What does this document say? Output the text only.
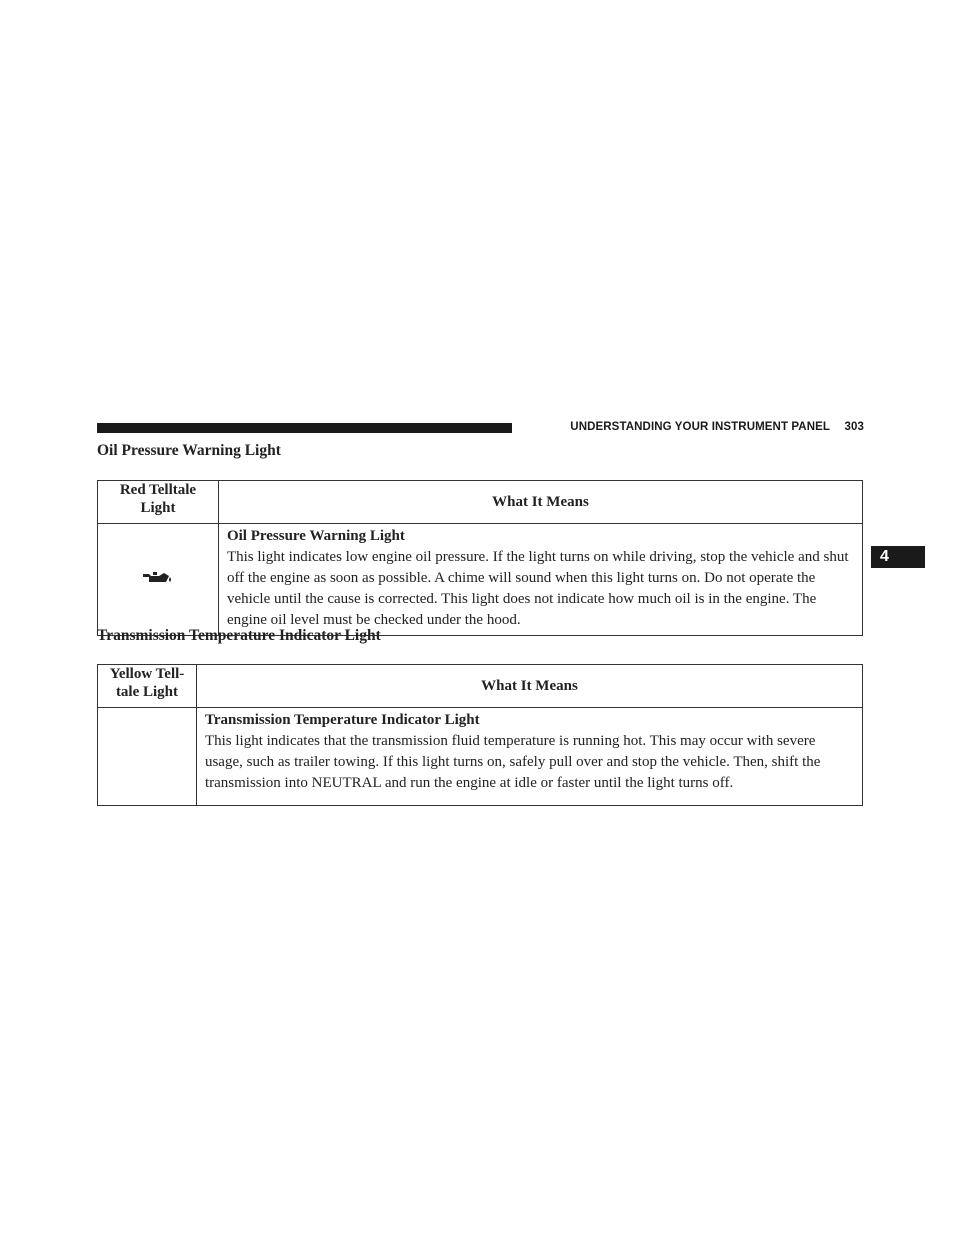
UNDERSTANDING YOUR INSTRUMENT PANEL 303
4
Oil Pressure Warning Light
Red Telltale Light	What It Means

Oil Pressure Warning Light
This light indicates low engine oil pressure. If the light turns on while driving, stop the vehicle and shut off the engine as soon as possible. A chime will sound when this light turns on. Do not operate the vehicle until the cause is corrected. This light does not indicate how much oil is in the engine. The engine oil level must be checked under the hood.
Transmission Temperature Indicator Light
Yellow Tell- tale Light	What It Means

	Transmission Temperature Indicator Light
This light indicates that the transmission fluid temperature is running hot. This may occur with severe usage, such as trailer towing. If this light turns on, safely pull over and stop the vehicle. Then, shift the transmission into NEUTRAL and run the engine at idle or faster until the light turns off.
